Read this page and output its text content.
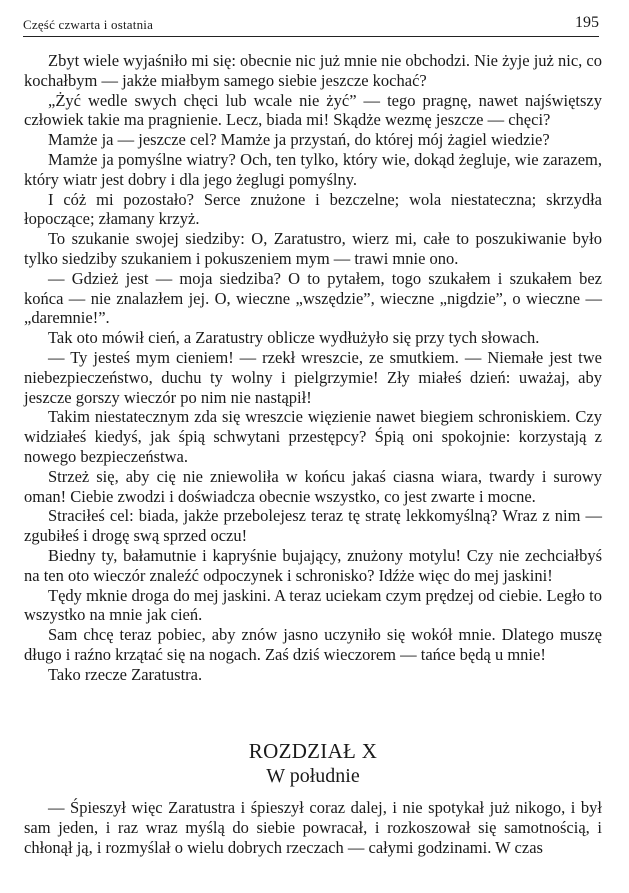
Część czwarta i ostatnia	195

Zbyt wiele wyjaśniło mi się: obecnie nic już mnie nie obchodzi. Nie żyje już nic, co kochałbym — jakże miałbym samego siebie jeszcze kochać?

„Żyć wedle swych chęci lub wcale nie żyć” — tego pragnę, nawet najświętszy człowiek takie ma pragnienie. Lecz, biada mi! Skądże wezmę jeszcze — chęci?

Mamże ja — jeszcze cel? Mamże ja przystań, do której mój żagiel wiedzie?

Mamże ja pomyślne wiatry? Och, ten tylko, który wie, dokąd żegluje, wie zarazem, który wiatr jest dobry i dla jego żeglugi pomyślny.

I cóż mi pozostało? Serce znużone i bezczelne; wola niestateczna; skrzydła łopoczące; złamany krzyż.

To szukanie swojej siedziby: O, Zaratustro, wierz mi, całe to poszukiwanie było tylko siedziby szukaniem i pokuszeniem mym — trawi mnie ono.

— Gdzież jest — moja siedziba? O to pytałem, togo szukałem i szukałem bez końca — nie znalazłem jej. O, wieczne „wszędzie”, wieczne „nigdzie”, o wieczne — „daremnie!”.

Tak oto mówił cień, a Zaratustry oblicze wydłużyło się przy tych słowach.

— Ty jesteś mym cieniem! — rzekł wreszcie, ze smutkiem. — Niemałe jest twe niebezpieczeństwo, duchu ty wolny i pielgrzymie! Zły miałeś dzień: uważaj, aby jeszcze gorszy wieczór po nim nie nastąpił!

Takim niestatecznym zda się wreszcie więzienie nawet biegiem schroniskiem. Czy widziałeś kiedyś, jak śpią schwytani przestępcy? Śpią oni spokojnie: korzystają z nowego bezpieczeństwa.

Strzeż się, aby cię nie zniewoliła w końcu jakaś ciasna wiara, twardy i surowy oman! Ciebie zwodzi i doświadcza obecnie wszystko, co jest zwarte i mocne.

Straciłeś cel: biada, jakże przebolejesz teraz tę stratę lekkomyślną? Wraz z nim — zgubiłeś i drogę swą sprzed oczu!

Biedny ty, bałamutnie i kapryśnie bujający, znużony motylu! Czy nie zechciałbyś na ten oto wieczór znaleźć odpoczynek i schronisko? Idźże więc do mej jaskini!

Tędy mknie droga do mej jaskini. A teraz uciekam czym prędzej od ciebie. Legło to wszystko na mnie jak cień.

Sam chcę teraz pobiec, aby znów jasno uczyniło się wokół mnie. Dlatego muszę długo i raźno krzątać się na nogach. Zaś dziś wieczorem — tańce będą u mnie!

Tako rzecze Zaratustra.

ROZDZIAŁ X
W południe

— Śpieszył więc Zaratustra i śpieszył coraz dalej, i nie spotykał już nikogo, i był sam jeden, i raz wraz myślą do siebie powracał, i rozkoszował się samotnością, i chłonął ją, i rozmyślał o wielu dobrych rzeczach — całymi godzinami. W czas
